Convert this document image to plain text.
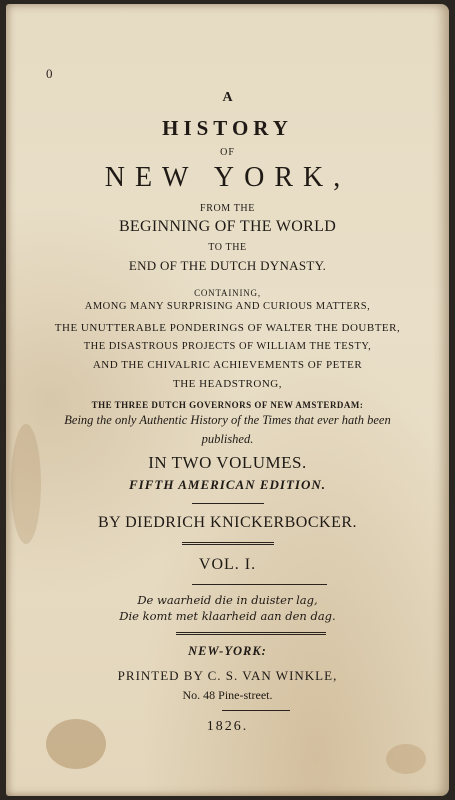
0
A
HISTORY
OF
NEW YORK,
FROM THE
BEGINNING OF THE WORLD
TO THE
END OF THE DUTCH DYNASTY.
CONTAINING,
AMONG MANY SURPRISING AND CURIOUS MATTERS,
THE UNUTTERABLE PONDERINGS OF WALTER THE DOUBTER,
THE DISASTROUS PROJECTS OF WILLIAM THE TESTY,
AND THE CHIVALRIC ACHIEVEMENTS OF PETER
THE HEADSTRONG,
THE THREE DUTCH GOVERNORS OF NEW AMSTERDAM:
Being the only Authentic History of the Times that ever hath been
published.
IN TWO VOLUMES.
FIFTH AMERICAN EDITION.
BY DIEDRICH KNICKERBOCKER.
VOL. I.
De waarheid die in duister lag,
Die komt met klaarheid aan den dag.
NEW-YORK:
PRINTED BY C. S. VAN WINKLE,
No. 48 Pine-street.
1826.
